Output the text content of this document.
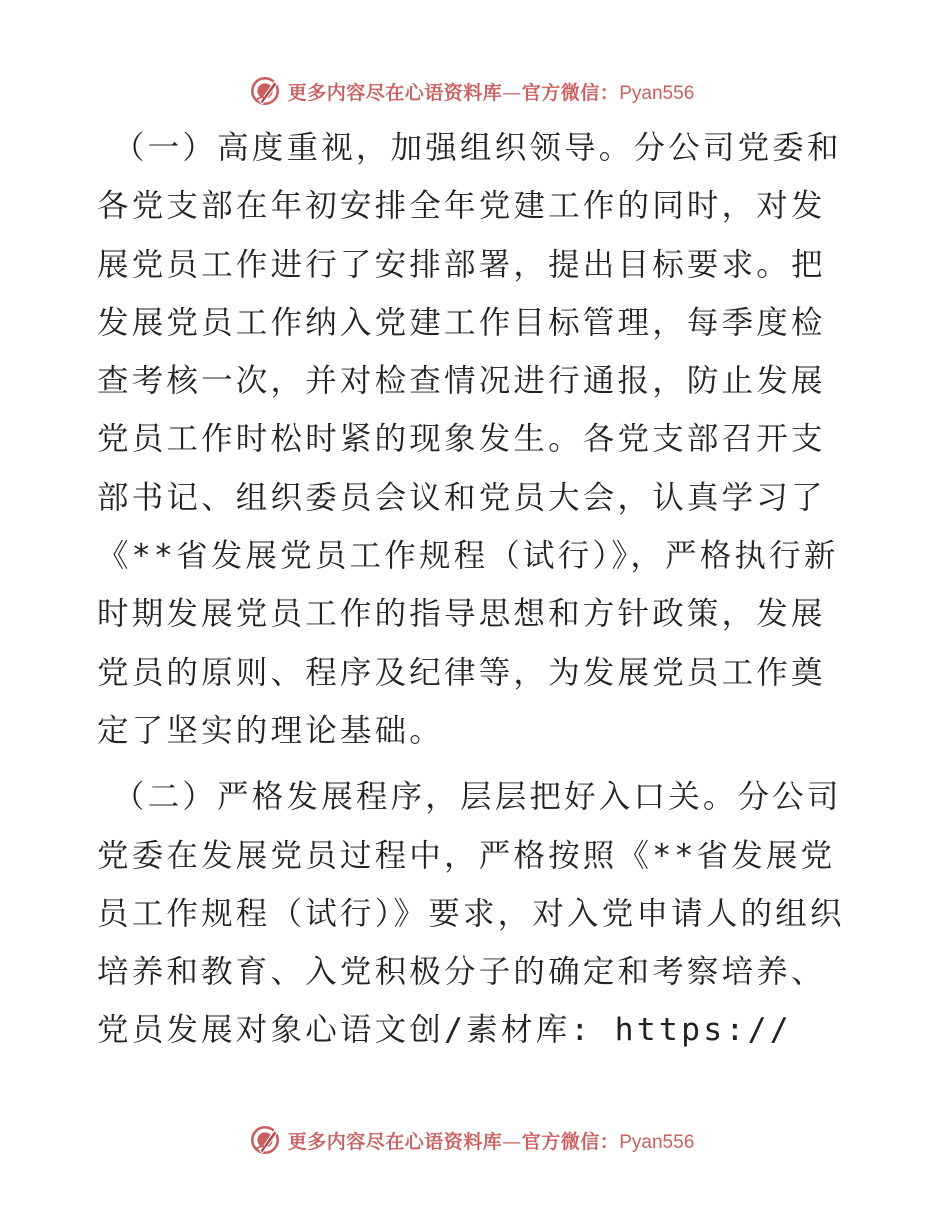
更多内容尽在心语资料库—官方微信：Pyan556

（一）高度重视，加强组织领导。分公司党委和各党支部在年初安排全年党建工作的同时，对发展党员工作进行了安排部署，提出目标要求。把发展党员工作纳入党建工作目标管理，每季度检查考核一次，并对检查情况进行通报，防止发展党员工作时松时紧的现象发生。各党支部召开支部书记、组织委员会议和党员大会，认真学习了《**省发展党员工作规程（试行）》，严格执行新时期发展党员工作的指导思想和方针政策，发展党员的原则、程序及纪律等，为发展党员工作奠定了坚实的理论基础。

（二）严格发展程序，层层把好入口关。分公司党委在发展党员过程中，严格按照《**省发展党员工作规程（试行）》要求，对入党申请人的组织培养和教育、入党积极分子的确定和考察培养、党员发展对象心语文创/素材库: https://

更多内容尽在心语资料库—官方微信：Pyan556
